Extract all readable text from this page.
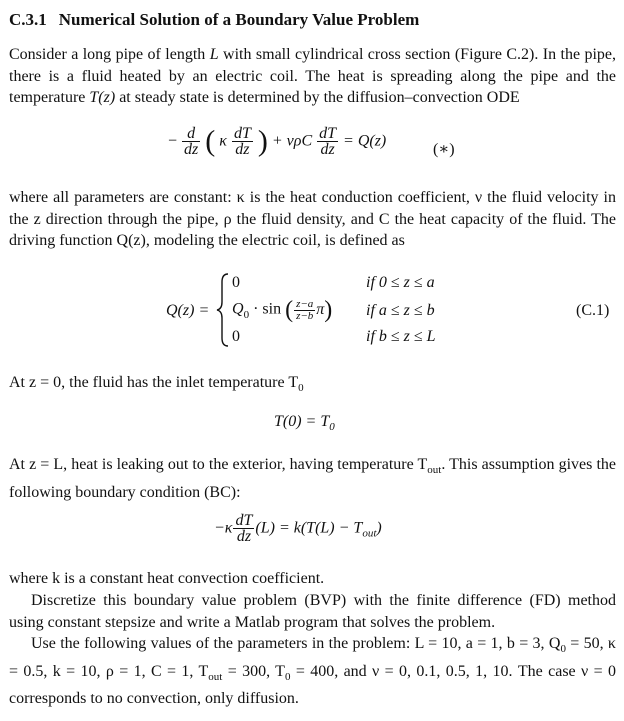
C.3.1 Numerical Solution of a Boundary Value Problem
Consider a long pipe of length L with small cylindrical cross section (Figure C.2). In the pipe, there is a fluid heated by an electric coil. The heat is spreading along the pipe and the temperature T(z) at steady state is determined by the diffusion–convection ODE
− $\frac{d}{dz}$ ( κ $\frac{dT}{dz}$ ) + νρC $\frac{dT}{dz} = Q(z)$	(∗)
where all parameters are constant: κ is the heat conduction coefficient, ν the fluid velocity in the z direction through the pipe, ρ the fluid density, and C the heat capacity of the fluid. The driving function Q(z), modeling the electric coil, is defined as
Q(z) =
0	if 0 ≤ z ≤ a
$Q_0 \cdot \sin$ ( $\frac{z-a}{z-b} \pi$) if a ≤ z ≤ b
0	if b ≤ z ≤ L
(C.1)
At z = 0, the fluid has the inlet temperature $T_0$
$T(0) = T_0$
At z = L, heat is leaking out to the exterior, having temperature $T_{out}$. This assumption gives the following boundary condition (BC):
$-\kappa \frac{dT}{dz} (L) = k(T(L) - T_{out})$
where k is a constant heat convection coefficient.
Discretize this boundary value problem (BVP) with the finite difference (FD) method using constant stepsize and write a Matlab program that solves the problem.
Use the following values of the parameters in the problem: L = 10, a = 1, b = 3, $Q_0 = 50$, κ = 0.5, k = 10, ρ = 1, C = 1, $T_{out} = 300$, $T_0 = 400$, and ν = 0, 0.1, 0.5, 1, 10. The case ν = 0 corresponds to no convection, only diffusion.
